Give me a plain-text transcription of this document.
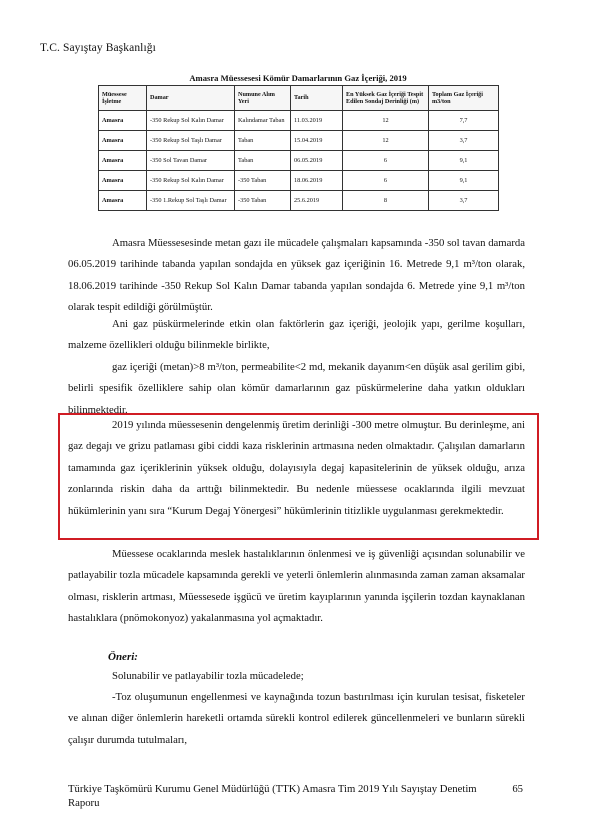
T.C. Sayıştay Başkanlığı
Amasra Müessesesi Kömür Damarlarının Gaz İçeriği, 2019
Müessese İşletme	Damar	Numune Alım Yeri	Tarih	En Yüksek Gaz İçeriği Tespit Edilen Sondaj Derinliği (m)	Toplam Gaz İçeriği m3/ton
Amasra	-350 Rekup Sol Kalın Damar	Kalındamar Taban	11.03.2019	12	7,7
Amasra	-350 Rekup Sol Taşlı Damar	Taban	15.04.2019	12	3,7
Amasra	-350 Sol Tavan Damar	Taban	06.05.2019	6	9,1
Amasra	-350 Rekup Sol Kalın Damar	-350 Taban	18.06.2019	6	9,1
Amasra	-350 1.Rekup Sol Taşlı Damar	-350 Taban	25.6.2019	8	3,7

Amasra Müessesesinde metan gazı ile mücadele çalışmaları kapsamında -350 sol tavan damarda 06.05.2019 tarihinde tabanda yapılan sondajda en yüksek gaz içeriğinin 16. Metrede 9,1 m³/ton olarak, 18.06.2019 tarihinde -350 Rekup Sol Kalın Damar tabanda yapılan sondajda 6. Metrede yine 9,1 m³/ton olarak tespit edildiği görülmüştür.

Ani gaz püskürmelerinde etkin olan faktörlerin gaz içeriği, jeolojik yapı, gerilme koşulları, malzeme özellikleri olduğu bilinmekle birlikte,

gaz içeriği (metan)>8 m³/ton, permeabilite<2 md, mekanik dayanım<en düşük asal gerilim gibi, belirli spesifik özelliklere sahip olan kömür damarlarının gaz püskürmelerine daha yatkın oldukları bilinmektedir.

2019 yılında müessesenin dengelenmiş üretim derinliği -300 metre olmuştur. Bu derinleşme, ani gaz degajı ve grizu patlaması gibi ciddi kaza risklerinin artmasına neden olmaktadır. Çalışılan damarların tamamında gaz içeriklerinin yüksek olduğu, dolayısıyla degaj kapasitelerinin de yüksek olduğu, arıza zonlarında riskin daha da arttığı bilinmektedir. Bu nedenle müessese ocaklarında ilgili mevzuat hükümlerinin yanı sıra “Kurum Degaj Yönergesi” hükümlerinin titizlikle uygulanması gerekmektedir.

Müessese ocaklarında meslek hastalıklarının önlenmesi ve iş güvenliği açısından solunabilir ve patlayabilir tozla mücadele kapsamında gerekli ve yeterli önlemlerin alınmasında zaman zaman aksamalar olması, risklerin artması, Müessesede işgücü ve üretim kayıplarının yanında işçilerin tozdan kaynaklanan hastalıklara (pnömokonyoz) yakalanmasına yol açmaktadır.

Öneri:

Solunabilir ve patlayabilir tozla mücadelede;

-Toz oluşumunun engellenmesi ve kaynağında tozun bastırılması için kurulan tesisat, fisketeler ve alınan diğer önlemlerin hareketli ortamda sürekli kontrol edilerek güncellenmeleri ve bunların sürekli çalışır durumda tutulmaları,

Türkiye Taşkömürü Kurumu Genel Müdürlüğü (TTK) Amasra Tim 2019 Yılı Sayıştay Denetim Raporu
65
